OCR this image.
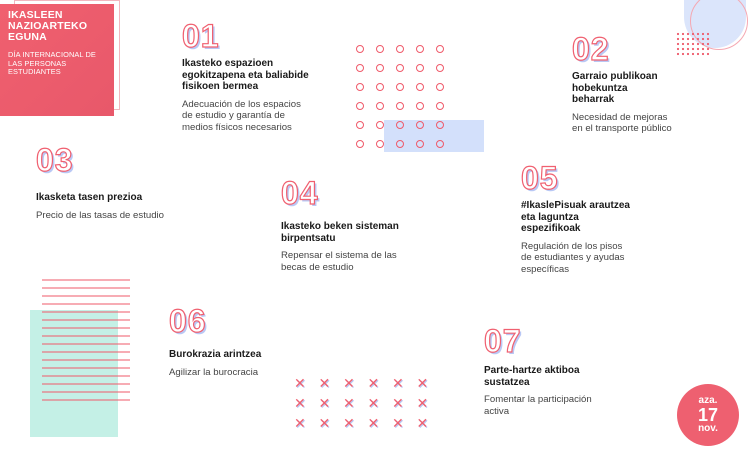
IKASLEEN NAZIOARTEKO EGUNA
DÍA INTERNACIONAL DE LAS PERSONAS ESTUDIANTES
✕ ✕ ✕ ✕ ✕ ✕
✕ ✕ ✕ ✕ ✕ ✕
✕ ✕ ✕ ✕ ✕ ✕
01
Ikasteko espazioen egokitzapena eta baliabide fisikoen bermea
Adecuación de los espacios de estudio y garantía de medios físicos necesarios
02
Garraio publikoan hobekuntza beharrak
Necesidad de mejoras en el transporte público
03
Ikasketa tasen prezioa
Precio de las tasas de estudio
04
Ikasteko beken sisteman birpentsatu
Repensar el sistema de las becas de estudio
05
#IkaslePisuak arautzea eta laguntza espezifikoak
Regulación de los pisos de estudiantes y ayudas específicas
06
Burokrazia arintzea
Agilizar la burocracia
07
Parte-hartze aktiboa sustatzea
Fomentar la participación activa
aza.
17
nov.
